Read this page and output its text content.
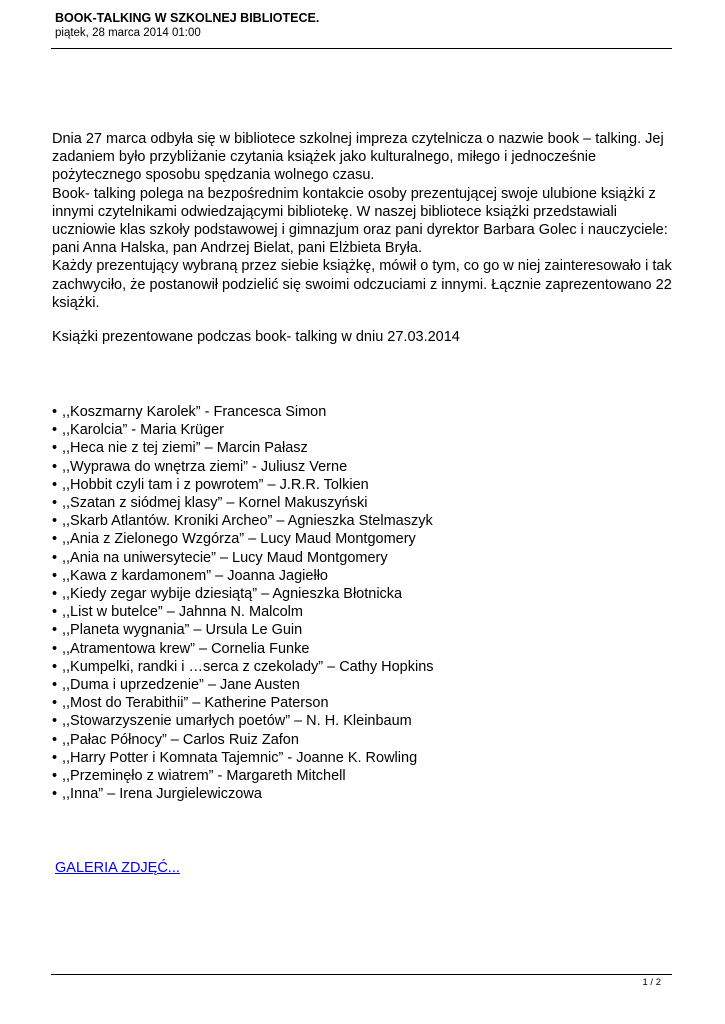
BOOK-TALKING W SZKOLNEJ BIBLIOTECE.

piątek, 28 marca 2014 01:00

Dnia 27 marca odbyła się w bibliotece szkolnej impreza czytelnicza o nazwie book – talking. Jej zadaniem było przybliżanie czytania książek jako kulturalnego, miłego i jednocześnie pożytecznego sposobu spędzania wolnego czasu.

Book- talking polega na bezpośrednim kontakcie osoby prezentującej swoje ulubione książki z innymi czytelnikami odwiedzającymi bibliotekę. W naszej bibliotece książki przedstawiali uczniowie klas szkoły podstawowej i gimnazjum oraz pani dyrektor Barbara Golec i nauczyciele: pani Anna Halska, pan Andrzej Bielat, pani Elżbieta Bryła.

Każdy prezentujący wybraną przez siebie książkę, mówił o tym, co go w niej zainteresowało i tak zachwyciło, że postanowił podzielić się swoimi odczuciami z innymi. Łącznie zaprezentowano 22 książki.

Książki prezentowane podczas book- talking w dniu 27.03.2014

• ,,Koszmarny Karolek” - Francesca Simon
• ,,Karolcia” - Maria Krüger
• ,,Heca nie z tej ziemi” – Marcin Pałasz
• ,,Wyprawa do wnętrza ziemi” - Juliusz Verne
• ,,Hobbit czyli tam i z powrotem” – J.R.R. Tolkien
• ,,Szatan z siódmej klasy” – Kornel Makuszyński
• ,,Skarb Atlantów. Kroniki Archeo” – Agnieszka Stelmaszyk
• ,,Ania z Zielonego Wzgórza” – Lucy Maud Montgomery
• ,,Ania na uniwersytecie” – Lucy Maud Montgomery
• ,,Kawa z kardamonem” – Joanna Jagiełło
• ,,Kiedy zegar wybije dziesiątą” – Agnieszka Błotnicka
• ,,List w butelce” – Jahnna N. Malcolm
• ,,Planeta wygnania” – Ursula Le Guin
• ,,Atramentowa krew” – Cornelia Funke
• ,,Kumpelki, randki i …serca z czekolady” – Cathy Hopkins
• ,,Duma i uprzedzenie” – Jane Austen
• ,,Most do Terabithii” – Katherine Paterson
• ,,Stowarzyszenie umarłych poetów” – N. H. Kleinbaum
• ,,Pałac Północy” – Carlos Ruiz Zafon
• ,,Harry Potter i Komnata Tajemnic” - Joanne K. Rowling
• ,,Przeminęło z wiatrem” - Margareth Mitchell
• ,,Inna” – Irena Jurgielewiczowa
GALERIA ZDJĘĆ...
1 / 2
